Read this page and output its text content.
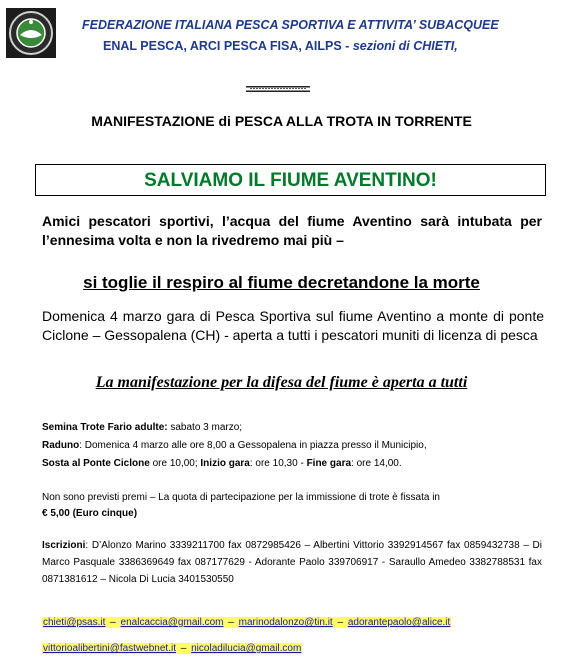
FEDERAZIONE ITALIANA PESCA SPORTIVA E ATTIVITA’ SUBACQUEE
ENAL PESCA, ARCI PESCA FISA, AILPS - sezioni di CHIETI,
MANIFESTAZIONE di PESCA ALLA TROTA IN TORRENTE
SALVIAMO IL FIUME AVENTINO!
Amici pescatori sportivi, l’acqua del fiume Aventino sarà intubata per l’ennesima volta e non la rivedremo mai più –
si toglie il respiro al fiume decretandone la morte
Domenica 4 marzo gara di Pesca Sportiva sul fiume Aventino a monte di ponte Ciclone – Gessopalena (CH) - aperta a tutti i pescatori muniti di licenza di pesca
La manifestazione per la difesa del fiume è aperta a tutti
Semina Trote Fario adulte: sabato 3 marzo;
Raduno: Domenica 4 marzo alle ore 8,00 a Gessopalena in piazza presso il Municipio,
Sosta al Ponte Ciclone ore 10,00; Inizio gara: ore 10,30 - Fine gara: ore 14,00.
Non sono previsti premi – La quota di partecipazione per la immissione di trote è fissata in
€ 5,00 (Euro cinque)
Iscrizioni: D’Alonzo Marino 3339211700 fax 0872985426 – Albertini Vittorio 3392914567 fax 0859432738 – Di Marco Pasquale 3386369649 fax 087177629 - Adorante Paolo 339706917 - Saraullo Amedeo 3382788531 fax 0871381612 – Nicola Di Lucia 3401530550
chieti@psas.it – enalcaccia@gmail.com – marinodalonzo@tin.it – adorantepaolo@alice.it
vittorioalibertini@fastwebnet.it – nicoladilucia@gmail.com
